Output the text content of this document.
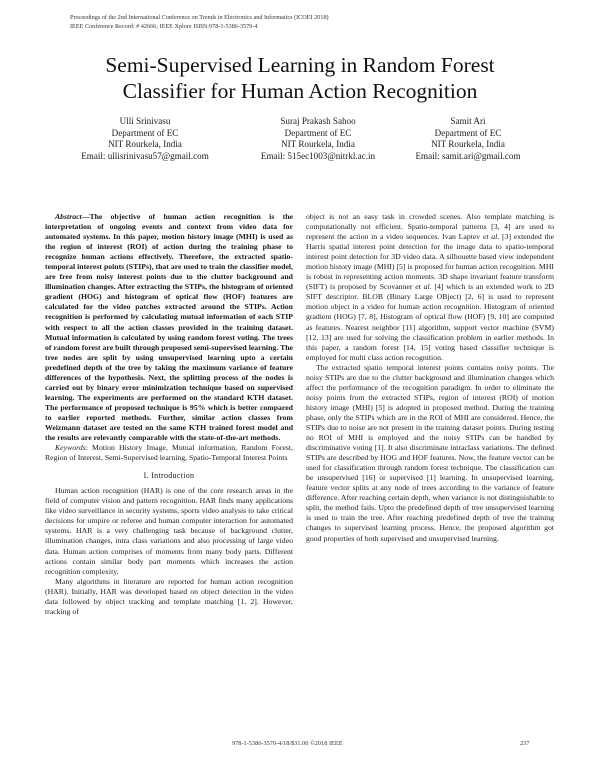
Proceedings of the 2nd International Conference on Trends in Electronics and Informatics (ICOEI 2018)
IEEE Conference Record: # 42666; IEEE Xplore ISBN:978-1-5386-3570-4
Semi-Supervised Learning in Random Forest
Classifier for Human Action Recognition
Ulli Srinivasu
Department of EC
NIT Rourkela, India
Email: ullisrinivasu57@gmail.com
Suraj Prakash Sahoo
Department of EC
NIT Rourkela, India
Email: 515ec1003@nitrkl.ac.in
Samit Ari
Department of EC
NIT Rourkela, India
Email: samit.ari@gmail.com

Abstract—The objective of human action recognition is the interpretation of ongoing events and context from video data for automated systems. In this paper, motion history image (MHI) is used as the region of interest (ROI) of action during the training phase to recognize human actions effectively. Therefore, the extracted spatio-temporal interest points (STIPs), that are used to train the classifier model, are free from noisy interest points due to the clutter background and illumination changes. After extracting the STIPs, the histogram of oriented gradient (HOG) and histogram of optical flow (HOF) features are calculated for the video patches extracted around the STIPs. Action recognition is performed by calculating mutual information of each STIP with respect to all the action classes provided in the training dataset. Mutual information is calculated by using random forest voting. The trees of random forest are built through proposed semi-supervised learning. The tree nodes are split by using unsupervised learning upto a certain predefined depth of the tree by taking the maximum variance of feature differences of the hypothesis. Next, the splitting process of the nodes is carried out by binary error minimization technique based on supervised learning. The experiments are performed on the standard KTH dataset. The performance of proposed technique is 95% which is better compared to earlier reported methods. Further, similar action classes from Weizmann dataset are tested on the same KTH trained forest model and the results are relevantly comparable with the state-of-the-art methods.

Keywords: Motion History Image, Mutual information, Random Forest, Region of Interest, Semi-Supervised learning, Spatio-Temporal Interest Points

I. Introduction

Human action recognition (HAR) is one of the core research areas in the field of computer vision and pattern recognition. HAR finds many applications like video surveillance in security systems, sports video analysis to take critical decisions for umpire or referee and human computer interaction for automated systems. HAR is a very challenging task because of background clutter, illumination changes, intra class variations and also processing of large video data. Human action comprises of moments from many body parts. Different actions contain similar body part moments which increases the action recognition complexity.

Many algorithms in literature are reported for human action recognition (HAR). Initially, HAR was developed based on object detection in the video data followed by object tracking and template matching [1, 2]. However, tracking of

object is not an easy task in crowded scenes. Also template matching is computationally not efficient. Spatio-temporal patterns [3, 4] are used to represent the action in a video sequences. Ivan Laptev et al. [3] extended the Harris spatial interest point detection for the image data to spatio-temporal interest point detection for 3D video data. A silhouette based view independent motion history image (MHI) [5] is proposed for human action recognition. MHI is robust in representing action moments. 3D shape invariant feature transform (SIFT) is proposed by Scovanner et al. [4] which is an extended work to 2D SIFT descriptor. BLOB (Binary Large OBject) [2, 6] is used to represent motion object in a video for human action recognition. Histogram of oriented gradient (HOG) [7, 8], Histogram of optical flow (HOF) [9, 10] are computed as features. Nearest neighbor [11] algorithm, support vector machine (SVM) [12, 13] are used for solving the classification problem in earlier methods. In this paper, a random forest [14, 15] voting based classifier technique is employed for multi class action recognition.

The extracted spatio temporal interest points contains noisy points. The noisy STIPs are due to the clutter background and illumination changes which affect the performance of the recognition paradigm. In order to eliminate the noisy points from the extracted STIPs, region of interest (ROI) of motion history image (MHI) [5] is adopted in proposed method. During the training phase, only the STIPs which are in the ROI of MHI are considered. Hence, the STIPs due to noise are not present in the training dataset points. During testing no ROI of MHI is employed and the noisy STIPs can be handled by discriminative voting [1]. It also discriminate intraclass variations. The defined STIPs are described by HOG and HOF features. Now, the feature vector can be used for classification through random forest technique. The classification can be unsupervised [16] or supervised [1] learning. In unsupervised learning, feature vector splits at any node of trees according to the variance of feature difference. After reaching certain depth, when variance is not distinguishable to split, the method fails. Upto the predefined depth of tree unsupervised learning is used to train the tree. After reaching predefined depth of tree the training changes to supervised learning process. Hence, the proposed algorithm got good properties of both supervised and unsupervised learning.

978-1-5386-3570-4/18/$31.00 ©2018 IEEE	237
